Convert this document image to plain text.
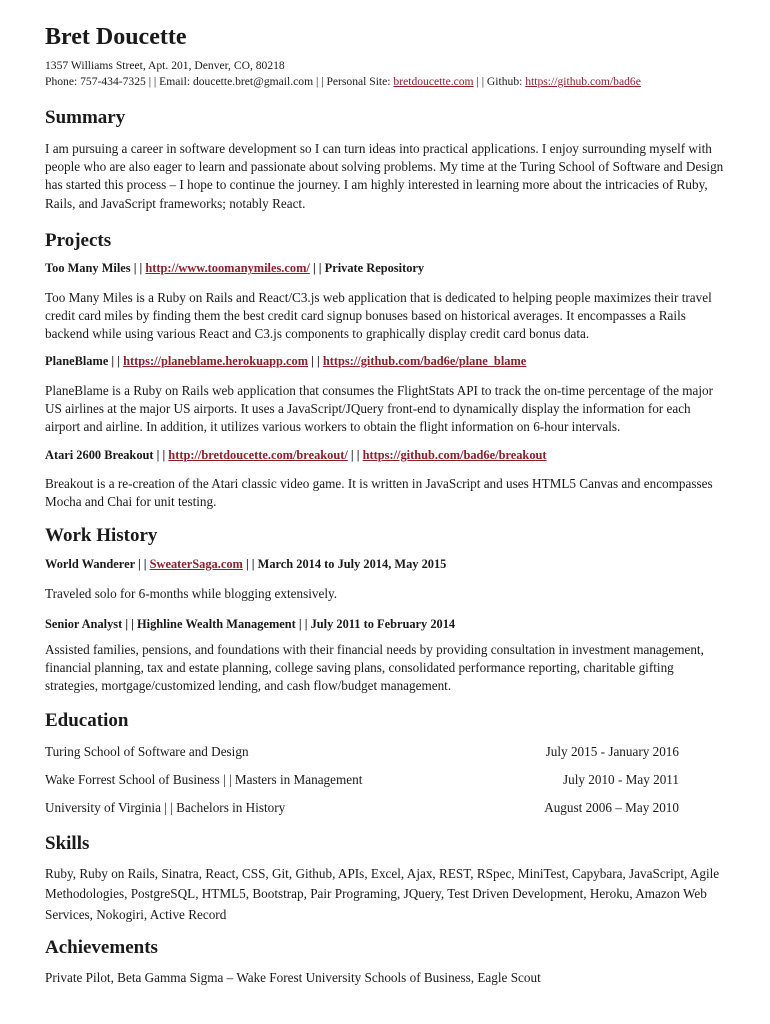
Bret Doucette
1357 Williams Street, Apt. 201, Denver, CO, 80218
Phone: 757-434-7325 | | Email: doucette.bret@gmail.com | | Personal Site: bretdoucette.com | | Github: https://github.com/bad6e
Summary

I am pursuing a career in software development so I can turn ideas into practical applications. I enjoy surrounding myself with people who are also eager to learn and passionate about solving problems. My time at the Turing School of Software and Design has started this process – I hope to continue the journey. I am highly interested in learning more about the intricacies of Ruby, Rails, and JavaScript frameworks; notably React.

Projects
Too Many Miles | | http://www.toomanymiles.com/ | | Private Repository

Too Many Miles is a Ruby on Rails and React/C3.js web application that is dedicated to helping people maximizes their travel credit card miles by finding them the best credit card signup bonuses based on historical averages. It encompasses a Rails backend while using various React and C3.js components to graphically display credit card bonus data.

PlaneBlame | | https://planeblame.herokuapp.com | | https://github.com/bad6e/plane_blame

PlaneBlame is a Ruby on Rails web application that consumes the FlightStats API to track the on-time percentage of the major US airlines at the major US airports. It uses a JavaScript/JQuery front-end to dynamically display the information for each airport and airline. In addition, it utilizes various workers to obtain the flight information on 6-hour intervals.

Atari 2600 Breakout | | http://bretdoucette.com/breakout/ | | https://github.com/bad6e/breakout

Breakout is a re-creation of the Atari classic video game. It is written in JavaScript and uses HTML5 Canvas and encompasses Mocha and Chai for unit testing.

Work History
World Wanderer | | SweaterSaga.com | | March 2014 to July 2014, May 2015

Traveled solo for 6-months while blogging extensively.

Senior Analyst | | Highline Wealth Management | | July 2011 to February 2014

Assisted families, pensions, and foundations with their financial needs by providing consultation in investment management, financial planning, tax and estate planning, college saving plans, consolidated performance reporting, charitable gifting strategies, mortgage/customized lending, and cash flow/budget management.

Education
Turing School of Software and Design	July 2015 - January 2016
Wake Forrest School of Business | | Masters in Management	July 2010 - May 2011
University of Virginia | | Bachelors in History	August 2006 – May 2010
Skills

Ruby, Ruby on Rails, Sinatra, React, CSS, Git, Github, APIs, Excel, Ajax, REST, RSpec, MiniTest, Capybara, JavaScript, Agile Methodologies, PostgreSQL, HTML5, Bootstrap, Pair Programing, JQuery, Test Driven Development, Heroku, Amazon Web Services, Nokogiri, Active Record

Achievements

Private Pilot, Beta Gamma Sigma – Wake Forest University Schools of Business, Eagle Scout
